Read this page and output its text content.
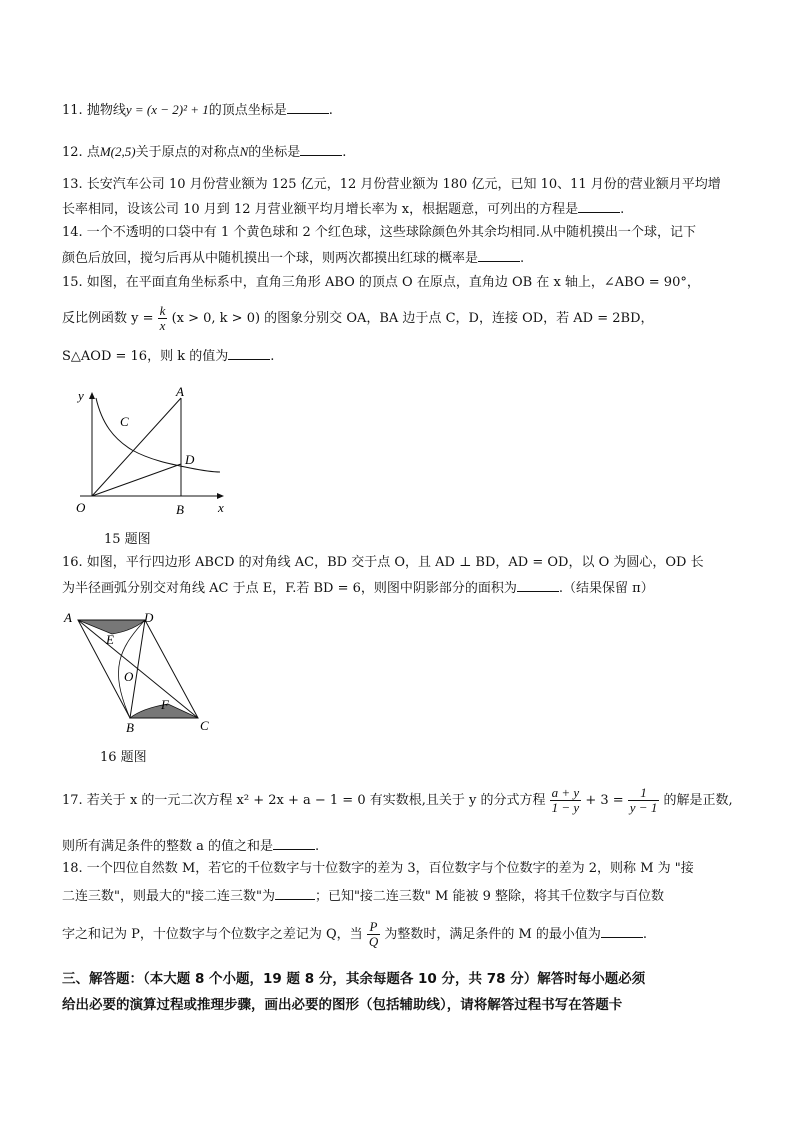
11. 抛物线y = (x − 2)² + 1的顶点坐标是	.
12. 点M(2,5)关于原点的对称点N的坐标是	.
13. 长安汽车公司 10 月份营业额为 125 亿元，12 月份营业额为 180 亿元，已知 10、11 月份的营业额月平均增
长率相同，设该公司 10 月到 12 月营业额平均月增长率为 x，根据题意，可列出的方程是	.
14. 一个不透明的口袋中有 1 个黄色球和 2 个红色球，这些球除颜色外其余均相同.从中随机摸出一个球，记下
颜色后放回，搅匀后再从中随机摸出一个球，则两次都摸出红球的概率是	.
15. 如图，在平面直角坐标系中，直角三角形 ABO 的顶点 O 在原点，直角边 OB 在 x 轴上，∠ABO = 90°，
反比例函数 $y = \frac{k}{x} (x > 0$, k > 0) 的图象分别交 OA，BA 边于点 C，D，连接 OD，若 AD = 2BD，
S△AOD = 16，则 k 的值为	.
y
x
O
A
B
C
D
15 题图
16. 如图，平行四边形 ABCD 的对角线 AC，BD 交于点 O，且 AD ⊥ BD，AD = OD，以 O 为圆心，OD 长
为半径画弧分别交对角线 AC 于点 E，F.若 BD = 6，则图中阴影部分的面积为	.（结果保留 π）
A	D
E
O
F
B	C
16 题图
17. 若关于 x 的一元二次方程 x² + 2x + a − 1 = 0 有实数根,且关于 y 的分式方程 $\frac{a + y}{1 - y} + 3 = \frac{1}{y - 1}$ 的解是正数,
则所有满足条件的整数 a 的值之和是	.
18. 一个四位自然数 M，若它的千位数字与十位数字的差为 3，百位数字与个位数字的差为 2，则称 M 为 "接
二连三数"，则最大的"接二连三数"为	；已知"接二连三数" M 能被 9 整除，将其千位数字与百位数
字之和记为 P，十位数字与个位数字之差记为 Q，当 $\frac{P}{Q}$ 为整数时，满足条件的 M 的最小值为	.
三、解答题：（本大题 8 个小题，19 题 8 分，其余每题各 10 分，共 78 分）解答时每小题必须
给出必要的演算过程或推理步骤，画出必要的图形（包括辅助线），请将解答过程书写在答题卡
